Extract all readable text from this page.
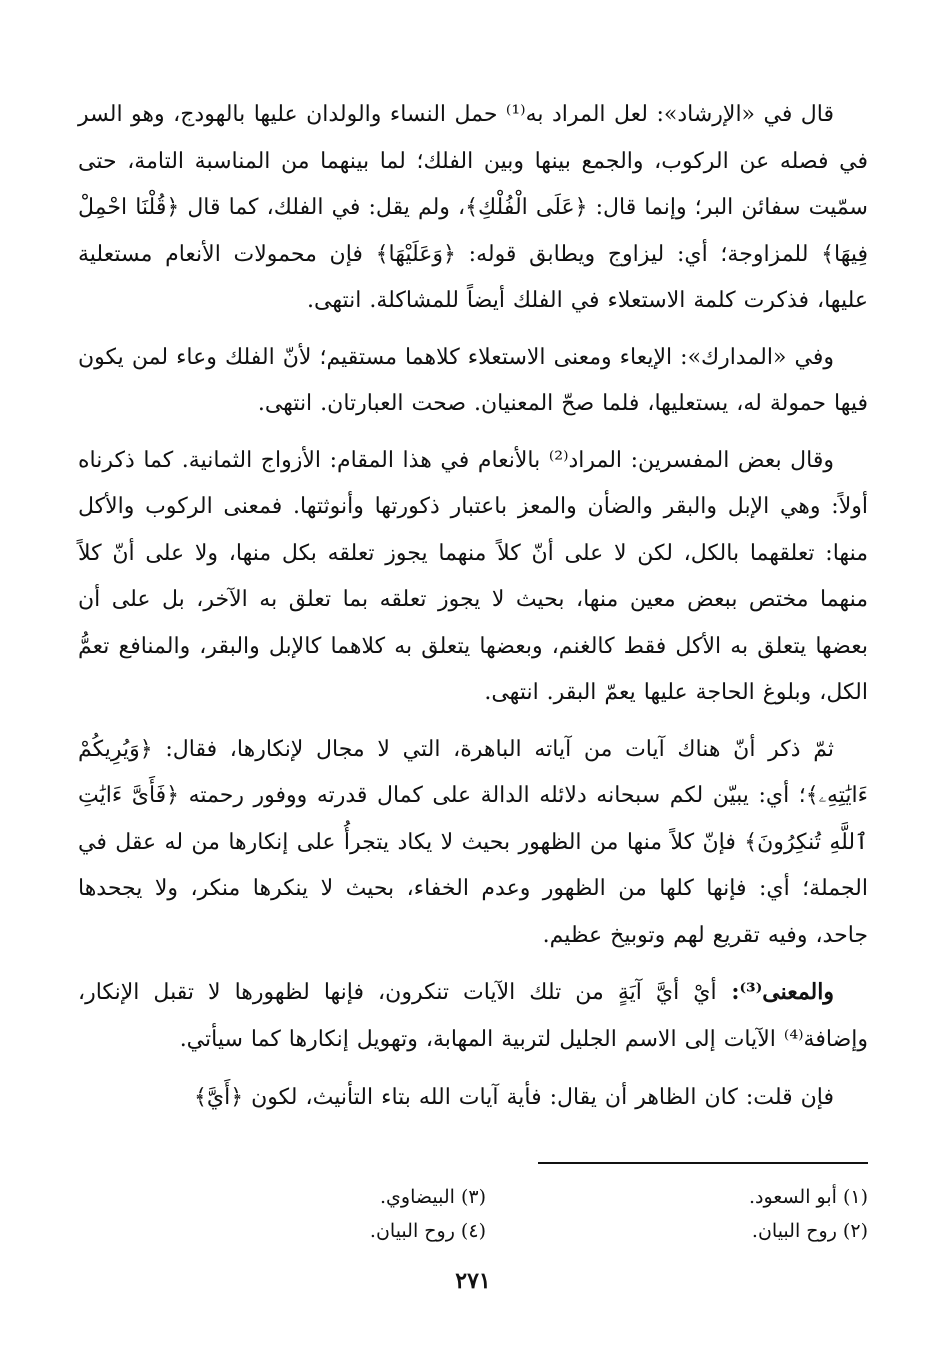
قال في «الإرشاد»: لعل المراد به⁽¹⁾ حمل النساء والولدان عليها بالهودج، وهو السر في فصله عن الركوب، والجمع بينها وبين الفلك؛ لما بينهما من المناسبة التامة، حتى سمّيت سفائن البر؛ وإنما قال: ﴿عَلَى الْفُلْكِ﴾، ولم يقل: في الفلك، كما قال ﴿قُلْنَا احْمِلْ فِيهَا﴾ للمزاوجة؛ أي: ليزاوج ويطابق قوله: ﴿وَعَلَيْهَا﴾ فإن محمولات الأنعام مستعلية عليها، فذكرت كلمة الاستعلاء في الفلك أيضاً للمشاكلة. انتهى.

وفي «المدارك»: الإيعاء ومعنى الاستعلاء كلاهما مستقيم؛ لأنّ الفلك وعاء لمن يكون فيها حمولة له، يستعليها، فلما صحّ المعنيان. صحت العبارتان. انتهى.

وقال بعض المفسرين: المراد⁽²⁾ بالأنعام في هذا المقام: الأزواج الثمانية. كما ذكرناه أولاً: وهي الإبل والبقر والضأن والمعز باعتبار ذكورتها وأنوثتها. فمعنى الركوب والأكل منها: تعلقهما بالكل، لكن لا على أنّ كلاً منهما يجوز تعلقه بكل منها، ولا على أنّ كلاً منهما مختص ببعض معين منها، بحيث لا يجوز تعلقه بما تعلق به الآخر، بل على أن بعضها يتعلق به الأكل فقط كالغنم، وبعضها يتعلق به كلاهما كالإبل والبقر، والمنافع تعمُّ الكل، وبلوغ الحاجة عليها يعمّ البقر. انتهى.

ثمّ ذكر أنّ هناك آيات من آياته الباهرة، التي لا مجال لإنكارها، فقال: ﴿وَيُرِيكُمْ ءَايَٰتِهِۦ﴾؛ أي: يبيّن لكم سبحانه دلائله الدالة على كمال قدرته ووفور رحمته ﴿فَأَىَّ ءَايَٰتِ ٱللَّهِ تُنكِرُونَ﴾ فإنّ كلاً منها من الظهور بحيث لا يكاد يتجرأُ على إنكارها من له عقل في الجملة؛ أي: فإنها كلها من الظهور وعدم الخفاء، بحيث لا ينكرها منكر، ولا يجحدها جاحد، وفيه تقريع لهم وتوبيخ عظيم.

والمعنى⁽³⁾: أيْ أيَّ آيَةٍ من تلك الآيات تنكرون، فإنها لظهورها لا تقبل الإنكار، وإضافة⁽⁴⁾ الآيات إلى الاسم الجليل لتربية المهابة، وتهويل إنكارها كما سيأتي.

فإن قلت: كان الظاهر أن يقال: فأية آيات الله بتاء التأنيث، لكون ﴿أَيَّ﴾

(١) أبو السعود.
(٢) روح البيان.
(٣) البيضاوي.
(٤) روح البيان.
٢٧١
